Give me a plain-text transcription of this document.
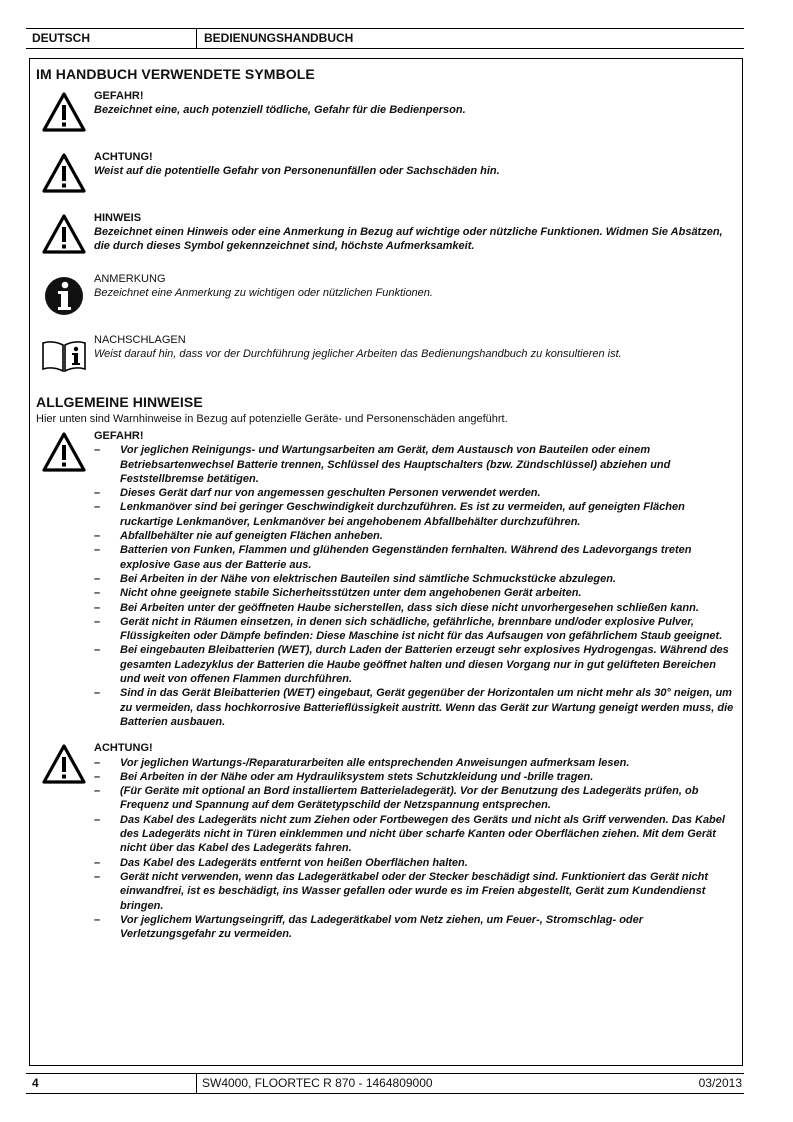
DEUTSCH	BEDIENUNGSHANDBUCH
IM HANDBUCH VERWENDETE SYMBOLE
GEFAHR!
Bezeichnet eine, auch potenziell tödliche, Gefahr für die Bedienperson.
ACHTUNG!
Weist auf die potentielle Gefahr von Personenunfällen oder Sachschäden hin.
HINWEIS
Bezeichnet einen Hinweis oder eine Anmerkung in Bezug auf wichtige oder nützliche Funktionen. Widmen Sie Absätzen, die durch dieses Symbol gekennzeichnet sind, höchste Aufmerksamkeit.
ANMERKUNG
Bezeichnet eine Anmerkung zu wichtigen oder nützlichen Funktionen.
NACHSCHLAGEN
Weist darauf hin, dass vor der Durchführung jeglicher Arbeiten das Bedienungshandbuch zu konsultieren ist.
ALLGEMEINE HINWEISE
Hier unten sind Warnhinweise in Bezug auf potenzielle Geräte- und Personenschäden angeführt.
GEFAHR!
– Vor jeglichen Reinigungs- und Wartungsarbeiten am Gerät, dem Austausch von Bauteilen oder einem Betriebsartenwechsel Batterie trennen, Schlüssel des Hauptschalters (bzw. Zündschlüssel) abziehen und Feststellbremse betätigen.
– Dieses Gerät darf nur von angemessen geschulten Personen verwendet werden.
– Lenkmanöver sind bei geringer Geschwindigkeit durchzuführen. Es ist zu vermeiden, auf geneigten Flächen ruckartige Lenkmanöver, Lenkmanöver bei angehobenem Abfallbehälter durchzuführen.
– Abfallbehälter nie auf geneigten Flächen anheben.
– Batterien von Funken, Flammen und glühenden Gegenständen fernhalten. Während des Ladevorgangs treten explosive Gase aus der Batterie aus.
– Bei Arbeiten in der Nähe von elektrischen Bauteilen sind sämtliche Schmuckstücke abzulegen.
– Nicht ohne geeignete stabile Sicherheitsstützen unter dem angehobenen Gerät arbeiten.
– Bei Arbeiten unter der geöffneten Haube sicherstellen, dass sich diese nicht unvorhergesehen schließen kann.
– Gerät nicht in Räumen einsetzen, in denen sich schädliche, gefährliche, brennbare und/oder explosive Pulver, Flüssigkeiten oder Dämpfe befinden: Diese Maschine ist nicht für das Aufsaugen von gefährlichem Staub geeignet.
– Bei eingebauten Bleibatterien (WET), durch Laden der Batterien erzeugt sehr explosives Hydrogengas. Während des gesamten Ladezyklus der Batterien die Haube geöffnet halten und diesen Vorgang nur in gut gelüfteten Bereichen und weit von offenen Flammen durchführen.
– Sind in das Gerät Bleibatterien (WET) eingebaut, Gerät gegenüber der Horizontalen um nicht mehr als 30° neigen, um zu vermeiden, dass hochkorrosive Batterieflüssigkeit austritt. Wenn das Gerät zur Wartung geneigt werden muss, die Batterien ausbauen.
ACHTUNG!
– Vor jeglichen Wartungs-/Reparaturarbeiten alle entsprechenden Anweisungen aufmerksam lesen.
– Bei Arbeiten in der Nähe oder am Hydrauliksystem stets Schutzkleidung und -brille tragen.
– (Für Geräte mit optional an Bord installiertem Batterieladegerät). Vor der Benutzung des Ladegeräts prüfen, ob Frequenz und Spannung auf dem Gerätetypschild der Netzspannung entsprechen.
– Das Kabel des Ladegeräts nicht zum Ziehen oder Fortbewegen des Geräts und nicht als Griff verwenden. Das Kabel des Ladegeräts nicht in Türen einklemmen und nicht über scharfe Kanten oder Oberflächen ziehen. Mit dem Gerät nicht über das Kabel des Ladegeräts fahren.
– Das Kabel des Ladegeräts entfernt von heißen Oberflächen halten.
– Gerät nicht verwenden, wenn das Ladegerätkabel oder der Stecker beschädigt sind. Funktioniert das Gerät nicht einwandfrei, ist es beschädigt, ins Wasser gefallen oder wurde es im Freien abgestellt, Gerät zum Kundendienst bringen.
– Vor jeglichem Wartungseingriff, das Ladegerätkabel vom Netz ziehen, um Feuer-, Stromschlag- oder Verletzungsgefahr zu vermeiden.
4	SW4000, FLOORTEC R 870 - 1464809000	03/2013
